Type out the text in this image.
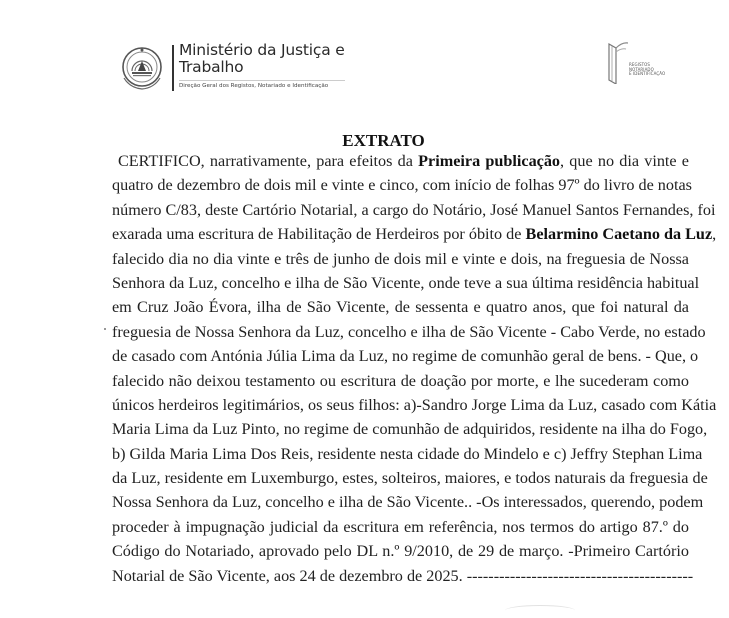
Ministério da Justiça e
Trabalho
Direção Geral dos Registos, Notariado e Identificação
REGISTOS
NOTARIADO
E IDENTIFICAÇÃO
EXTRATO
CERTIFICO, narrativamente, para efeitos da Primeira publicação, que no dia vinte e
quatro de dezembro de dois mil e vinte e cinco, com início de folhas 97º do livro de notas
número C/83, deste Cartório Notarial, a cargo do Notário, José Manuel Santos Fernandes, foi
exarada uma escritura de Habilitação de Herdeiros por óbito de Belarmino Caetano da Luz,
falecido dia no dia vinte e três de junho de dois mil e vinte e dois, na freguesia de Nossa
Senhora da Luz, concelho e ilha de São Vicente, onde teve a sua última residência habitual
em Cruz João Évora, ilha de São Vicente, de sessenta e quatro anos, que foi natural da
freguesia de Nossa Senhora da Luz, concelho e ilha de São Vicente - Cabo Verde, no estado
de casado com Antónia Júlia Lima da Luz, no regime de comunhão geral de bens. - Que, o
falecido não deixou testamento ou escritura de doação por morte, e lhe sucederam como
únicos herdeiros legitimários, os seus filhos: a)-Sandro Jorge Lima da Luz, casado com Kátia
Maria Lima da Luz Pinto, no regime de comunhão de adquiridos, residente na ilha do Fogo,
b) Gilda Maria Lima Dos Reis, residente nesta cidade do Mindelo e c) Jeffry Stephan Lima
da Luz, residente em Luxemburgo, estes, solteiros, maiores, e todos naturais da freguesia de
Nossa Senhora da Luz, concelho e ilha de São Vicente.. -Os interessados, querendo, podem
proceder à impugnação judicial da escritura em referência, nos termos do artigo 87.º do
Código do Notariado, aprovado pelo DL n.º 9/2010, de 29 de março. -Primeiro Cartório
Notarial de São Vicente, aos 24 de dezembro de 2025. ------------------------------------------
